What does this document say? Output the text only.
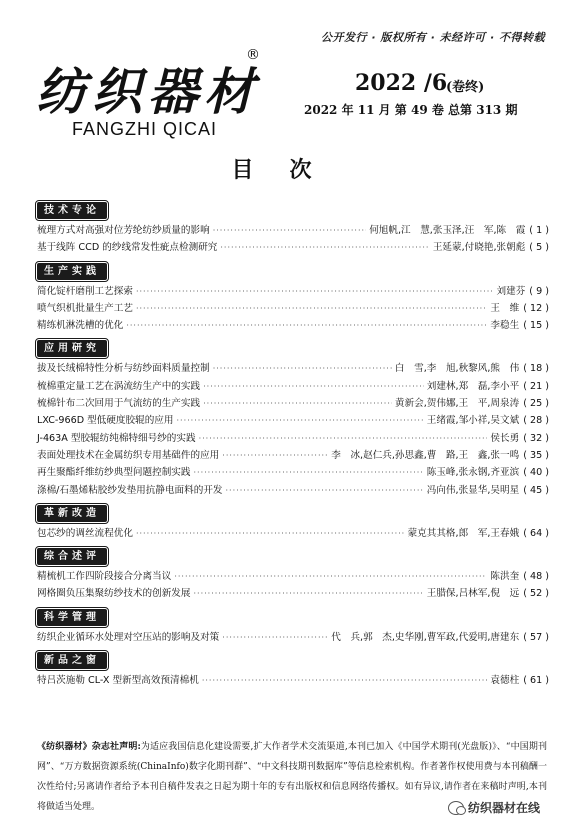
公开发行 · 版权所有 · 未经许可 · 不得转载
纺织器材
®
FANGZHI QICAI
2022 /6
(卷终)
2022 年 11 月 第 49 卷 总第 313 期
目次
技术专论
梳理方式对高强对位芳纶纺纱质量的影响 ·····	何旭帆,江　慧,张玉泽,汪　军,陈　霞 ( 1 )
基于线阵 CCD 的纱线常发性疵点检测研究 ·····	王延蒙,付晓艳,张朝彪 ( 5 )
生产实践
简化锭杆磨削工艺探索 ·····	刘建芬 ( 9 )
喷气织机批量生产工艺 ·····	王　维 ( 12 )
精练机淋洗槽的优化 ·····	李稳生 ( 15 )
应用研究
拔及长绒棉特性分析与纺纱面料质量控制 ·····	白　雪,李　旭,秋黎风,熊　伟 ( 18 )
梳棉重定量工艺在涡流纺生产中的实践 ·····	刘建林,郑　磊,李小平 ( 21 )
梳棉针布二次回用于气流纺的生产实践 ·····	黄新会,贺伟娜,王　平,周泉涛 ( 25 )
LXC-966D 型低硬度胶辊的应用 ·····	王绪霞,邹小祥,吴文斌 ( 28 )
J-463A 型胶辊纺纯棉特细号纱的实践 ·····	侯长勇 ( 32 )
表面处理技术在金属纺织专用基础件的应用 ·····	李　冰,赵仁兵,孙思鑫,曹　路,王　鑫,张一鸣 ( 35 )
再生聚酯纤维纺纱典型问题控制实践 ·····	陈玉峰,张永钢,齐亚滨 ( 40 )
涤棉/石墨烯粘胶纱发垫用抗静电面料的开发 ·····	冯向伟,张显华,吴明星 ( 45 )
革新改造
包芯纱的调丝流程优化 ·····	蒙克其其格,郎　军,王春娥 ( 64 )
综合述评
精梳机工作四阶段接合分离当议 ·····	陈洪奎 ( 48 )
网格圈负压集聚纺纱技术的创新发展 ·····	王腊保,吕林军,倪　远 ( 52 )
科学管理
纺织企业循环水处理对空压站的影响及对策 ·····	代　兵,郭　杰,史华刚,曹军政,代爱明,唐建东 ( 57 )
新品之窗
特吕茨施勒 CL-X 型新型高效预清棉机 ·····	袁德柱 ( 61 )
《纺织器材》杂志社声明:为适应我国信息化建设需要,扩大作者学术交流渠道,本刊已加入《中国学术期刊(光盘版)》、“中国期刊网”、“万方数据资源系统(ChinaInfo)数字化期刊群”、“中文科技期刊数据库”等信息检索机构。作者著作权使用费与本刊稿酬一次性给付;另离请作者给予本刊自稿件发表之日起为期十年的专有出版权和信息网络传播权。如有异议,请作者在来稿时声明,本刊将做适当处理。	纺织器材在线
